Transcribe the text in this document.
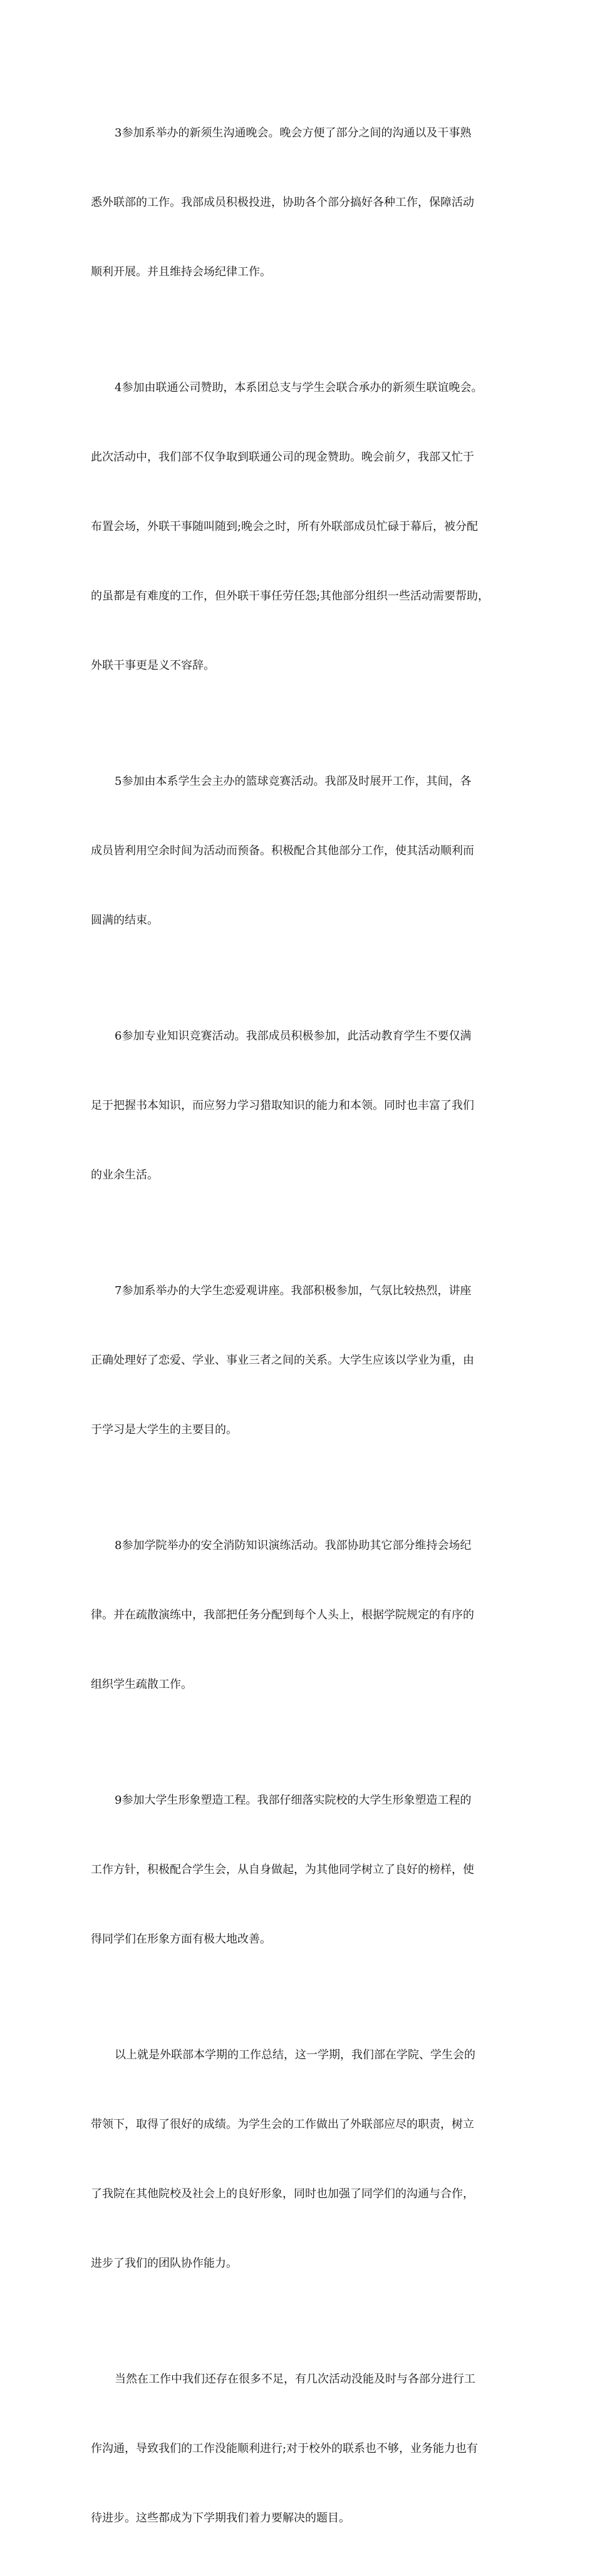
3参加系举办的新须生沟通晚会。晚会方便了部分之间的沟通以及干事熟

悉外联部的工作。我部成员积极投进，协助各个部分搞好各种工作，保障活动

顺利开展。并且维持会场纪律工作。

4参加由联通公司赞助，本系团总支与学生会联合承办的新须生联谊晚会。

此次活动中，我们部不仅争取到联通公司的现金赞助。晚会前夕，我部又忙于

布置会场，外联干事随叫随到;晚会之时，所有外联部成员忙碌于幕后，被分配

的虽都是有难度的工作，但外联干事任劳任怨;其他部分组织一些活动需要帮助，

外联干事更是义不容辞。

5参加由本系学生会主办的篮球竞赛活动。我部及时展开工作，其间，各

成员皆利用空余时间为活动而预备。积极配合其他部分工作，使其活动顺利而

圆满的结束。

6参加专业知识竞赛活动。我部成员积极参加，此活动教育学生不要仅满

足于把握书本知识，而应努力学习猎取知识的能力和本领。同时也丰富了我们

的业余生活。

7参加系举办的大学生恋爱观讲座。我部积极参加，气氛比较热烈，讲座

正确处理好了恋爱、学业、事业三者之间的关系。大学生应该以学业为重，由

于学习是大学生的主要目的。

8参加学院举办的安全消防知识演练活动。我部协助其它部分维持会场纪

律。并在疏散演练中，我部把任务分配到每个人头上，根据学院规定的有序的

组织学生疏散工作。

9参加大学生形象塑造工程。我部仔细落实院校的大学生形象塑造工程的

工作方针，积极配合学生会，从自身做起，为其他同学树立了良好的榜样，使

得同学们在形象方面有极大地改善。

以上就是外联部本学期的工作总结，这一学期，我们部在学院、学生会的

带领下，取得了很好的成绩。为学生会的工作做出了外联部应尽的职责，树立

了我院在其他院校及社会上的良好形象，同时也加强了同学们的沟通与合作，

进步了我们的团队协作能力。

当然在工作中我们还存在很多不足，有几次活动没能及时与各部分进行工

作沟通，导致我们的工作没能顺利进行;对于校外的联系也不够，业务能力也有

待进步。这些都成为下学期我们着力要解决的题目。
